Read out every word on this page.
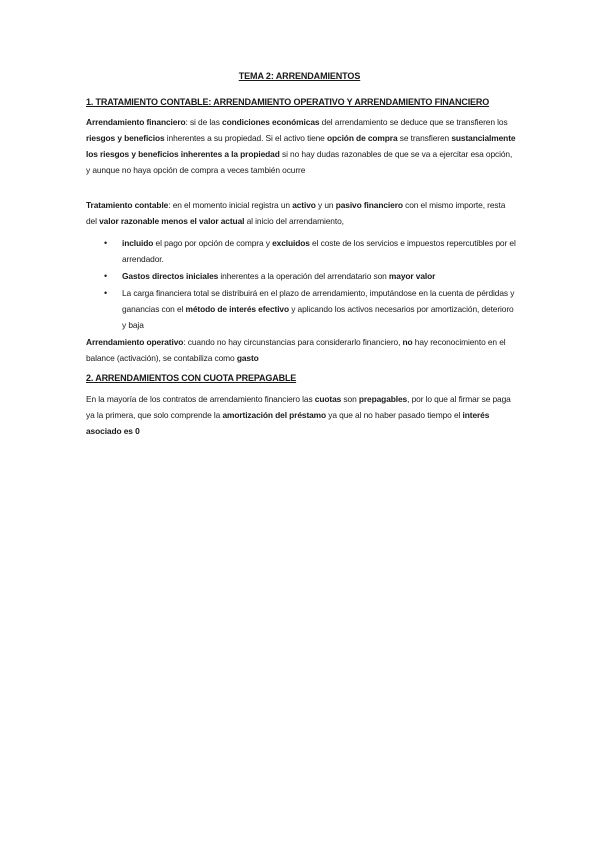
TEMA 2: ARRENDAMIENTOS
1. TRATAMIENTO CONTABLE: ARRENDAMIENTO OPERATIVO Y ARRENDAMIENTO FINANCIERO

Arrendamiento financiero: si de las condiciones económicas del arrendamiento se deduce que se transfieren los riesgos y beneficios inherentes a su propiedad. Si el activo tiene opción de compra se transfieren sustancialmente los riesgos y beneficios inherentes a la propiedad si no hay dudas razonables de que se va a ejercitar esa opción, y aunque no haya opción de compra a veces también ocurre

Tratamiento contable: en el momento inicial registra un activo y un pasivo financiero con el mismo importe, resta del valor razonable menos el valor actual al inicio del arrendamiento,

• incluido el pago por opción de compra y excluidos el coste de los servicios e impuestos repercutibles por el arrendador.
• Gastos directos iniciales inherentes a la operación del arrendatario son mayor valor
• La carga financiera total se distribuirá en el plazo de arrendamiento, imputándose en la cuenta de pérdidas y ganancias con el método de interés efectivo y aplicando los activos necesarios por amortización, deterioro y baja

Arrendamiento operativo: cuando no hay circunstancias para considerarlo financiero, no hay reconocimiento en el balance (activación), se contabiliza como gasto

2. ARRENDAMIENTOS CON CUOTA PREPAGABLE

En la mayoría de los contratos de arrendamiento financiero las cuotas son prepagables, por lo que al firmar se paga ya la primera, que solo comprende la amortización del préstamo ya que al no haber pasado tiempo el interés asociado es 0
